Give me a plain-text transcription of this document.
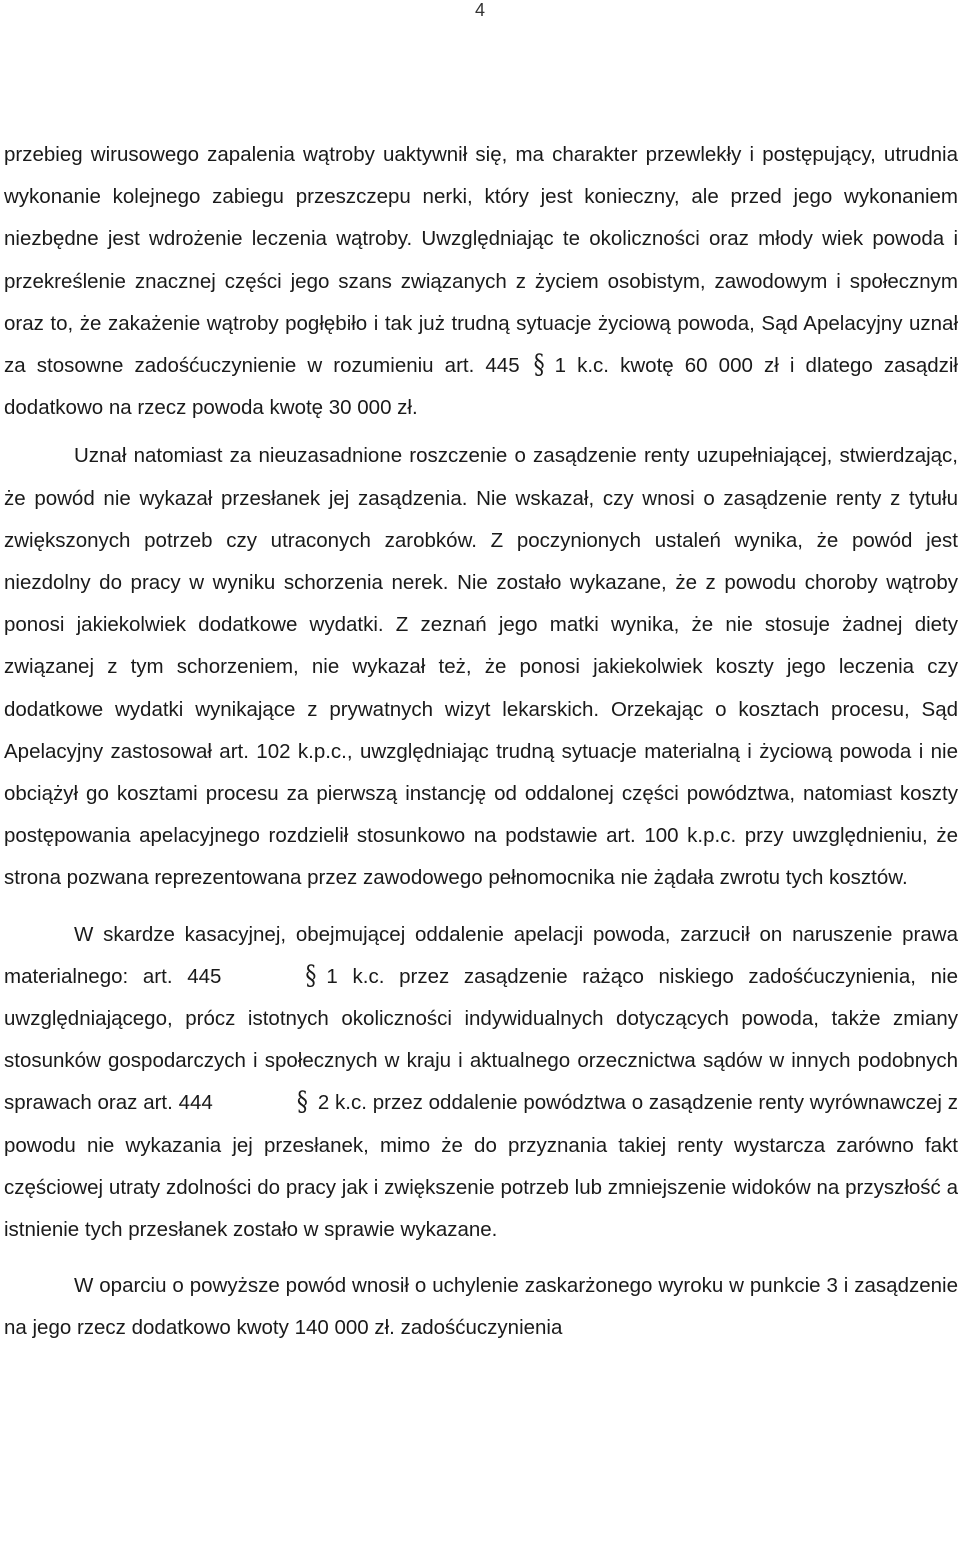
4

przebieg wirusowego zapalenia wątroby uaktywnił się, ma charakter przewlekły i postępujący, utrudnia wykonanie kolejnego zabiegu przeszczepu nerki, który jest konieczny, ale przed jego wykonaniem niezbędne jest wdrożenie leczenia wątroby. Uwzględniając te okoliczności oraz młody wiek powoda i przekreślenie znacznej części jego szans związanych z życiem osobistym, zawodowym i społecznym oraz to, że zakażenie wątroby pogłębiło i tak już trudną sytuacje życiową powoda, Sąd Apelacyjny uznał za stosowne zadośćuczynienie w rozumieniu art. 445 § 1 k.c. kwotę 60 000 zł i dlatego zasądził dodatkowo na rzecz powoda kwotę 30 000 zł.

Uznał natomiast za nieuzasadnione roszczenie o zasądzenie renty uzupełniającej, stwierdzając, że powód nie wykazał przesłanek jej zasądzenia. Nie wskazał, czy wnosi o zasądzenie renty z tytułu zwiększonych potrzeb czy utraconych zarobków. Z poczynionych ustaleń wynika, że powód jest niezdolny do pracy w wyniku schorzenia nerek. Nie zostało wykazane, że z powodu choroby wątroby ponosi jakiekolwiek dodatkowe wydatki. Z zeznań jego matki wynika, że nie stosuje żadnej diety związanej z tym schorzeniem, nie wykazał też, że ponosi jakiekolwiek koszty jego leczenia czy dodatkowe wydatki wynikające z prywatnych wizyt lekarskich. Orzekając o kosztach procesu, Sąd Apelacyjny zastosował art. 102 k.p.c., uwzględniając trudną sytuacje materialną i życiową powoda i nie obciążył go kosztami procesu za pierwszą instancję od oddalonej części powództwa, natomiast koszty postępowania apelacyjnego rozdzielił stosunkowo na podstawie art. 100 k.p.c. przy uwzględnieniu, że strona pozwana reprezentowana przez zawodowego pełnomocnika nie żądała zwrotu tych kosztów.

W skardze kasacyjnej, obejmującej oddalenie apelacji powoda, zarzucił on naruszenie prawa materialnego: art. 445	§ 1 k.c. przez zasądzenie rażąco niskiego zadośćuczynienia, nie uwzględniającego, prócz istotnych okoliczności indywidualnych dotyczących powoda, także zmiany stosunków gospodarczych i społecznych w kraju i aktualnego orzecznictwa sądów w innych podobnych sprawach oraz art. 444	§ 2 k.c. przez oddalenie powództwa o zasądzenie renty wyrównawczej z powodu nie wykazania jej przesłanek, mimo że do przyznania takiej renty wystarcza zarówno fakt częściowej utraty zdolności do pracy jak i zwiększenie potrzeb lub zmniejszenie widoków na przyszłość a istnienie tych przesłanek zostało w sprawie wykazane.

W oparciu o powyższe powód wnosił o uchylenie zaskarżonego wyroku w punkcie 3 i zasądzenie na jego rzecz dodatkowo kwoty 140 000 zł. zadośćuczynienia
